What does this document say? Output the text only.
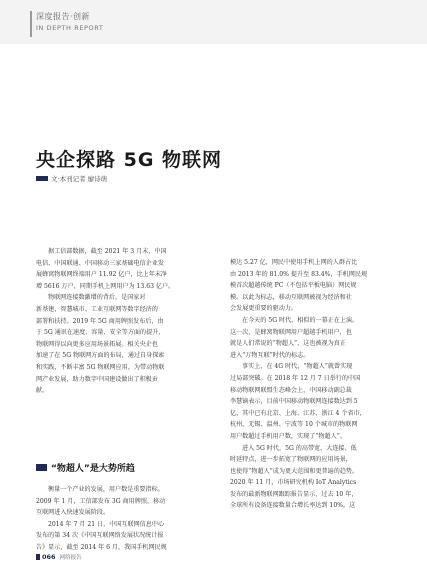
深度报告·创新
IN DEPTH REPORT
央企探路 5G 物联网
文·本刊记者 廖诗萌

据工信部数据，截至 2021 年 3 月末，中国

电信、中国联通、中国移动三家基础电信企业发

展蜂窝物联网终端用户 11.92 亿户，比上年末净

增 5616 万户，同期手机上网用户为 13.63 亿户。

物联网连接数激增的背后，是国家对

新基建、智慧城市、工业互联网等数字经济的

部署和扶持。2019 年 5G 商用牌照发布后，由

于 5G 通讯在速度、容量、安全等方面的提升，

物联网得以向更多应用场景拓展。相关央企也

加速了在 5G 物联网方面的布局，通过自身探索

和实践，不断丰富 5G 物联网应用，为带动物联

网产业发展，助力数字中国建设做出了积极贡

献。

“物超人”是大势所趋

衡量一个产业的发展，用户数是重要指标。

2009 年 1 月，工信部发布 3G 商用牌照，移动

互联网进入快速发展阶段。

2014 年 7 月 21 日，中国互联网信息中心

发布的第 34 次《中国互联网络发展状况统计报

告》显示，截至 2014 年 6 月，我国手机网民规

模达 5.27 亿，网民中使用手机上网的人群占比

由 2013 年的 81.0% 提升至 83.4%，手机网民规

模首次超越传统 PC（不包括平板电脑）网民规

模。以此为标志，移动互联网被视为经济和社

会发展更重要的驱动力。

在今天的 5G 时代，相似的一幕正在上演。

这一次，是蜂窝物联网用户超越手机用户，也

就是人们常说的“物超人”，这也被视为真正

进入“万物互联”时代的标志。

事实上，在 4G 时代，“物超人”就曾实现

过局部突破。在 2018 年 12 月 7 日举行的中国

移动物联网联盟生态峰会上，中国移动副总裁

李慧镝表示，目前中国移动物联网连接数达到 5

亿，其中已有北京、上海、江苏、浙江 4 个省市，

杭州、无锡、温州、宁波等 10 个城市的物联网

用户数超过手机用户数，实现了“物超人”。

进入 5G 时代，5G 的高带宽、大连接、低

时延特点，进一步拓宽了物联网的应用场景，

也使得“物超人”成为更大范围和更普遍的趋势。

2020 年 11 月，市场研究机构 IoT Analytics

发布的最新物联网跟踪报告显示，过去 10 年，

全球所有设备连接数量合增长率达到 10%，这

066 网络报告
